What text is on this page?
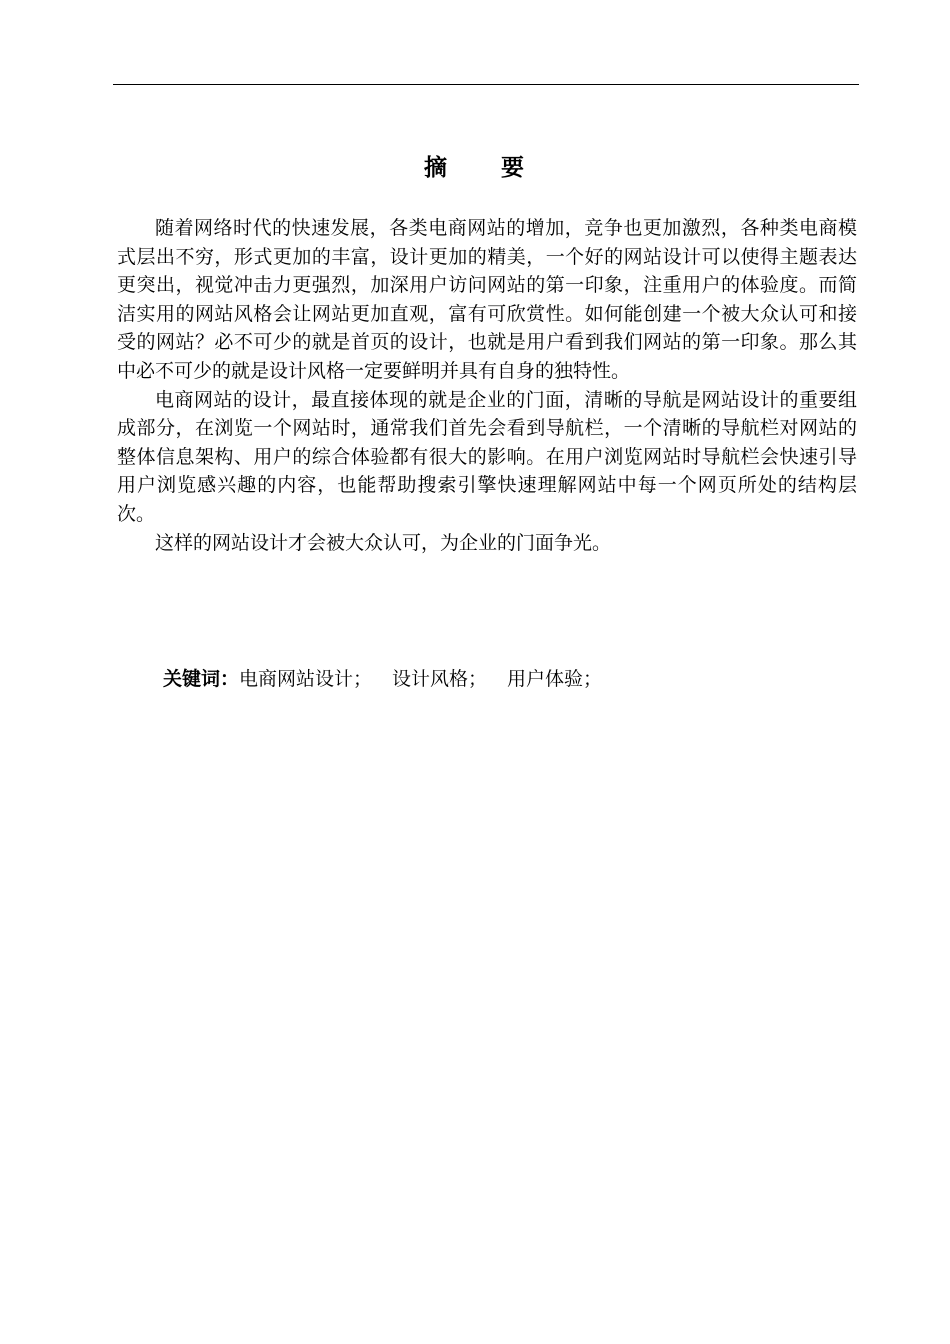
摘 要

随着网络时代的快速发展，各类电商网站的增加，竞争也更加激烈，各种类电商模式层出不穷，形式更加的丰富，设计更加的精美，一个好的网站设计可以使得主题表达更突出，视觉冲击力更强烈，加深用户访问网站的第一印象，注重用户的体验度。而简洁实用的网站风格会让网站更加直观，富有可欣赏性。如何能创建一个被大众认可和接受的网站？必不可少的就是首页的设计，也就是用户看到我们网站的第一印象。那么其中必不可少的就是设计风格一定要鲜明并具有自身的独特性。

电商网站的设计，最直接体现的就是企业的门面，清晰的导航是网站设计的重要组成部分，在浏览一个网站时，通常我们首先会看到导航栏，一个清晰的导航栏对网站的整体信息架构、用户的综合体验都有很大的影响。在用户浏览网站时导航栏会快速引导用户浏览感兴趣的内容，也能帮助搜索引擎快速理解网站中每一个网页所处的结构层次。

这样的网站设计才会被大众认可，为企业的门面争光。

关键词：电商网站设计； 设计风格； 用户体验；
